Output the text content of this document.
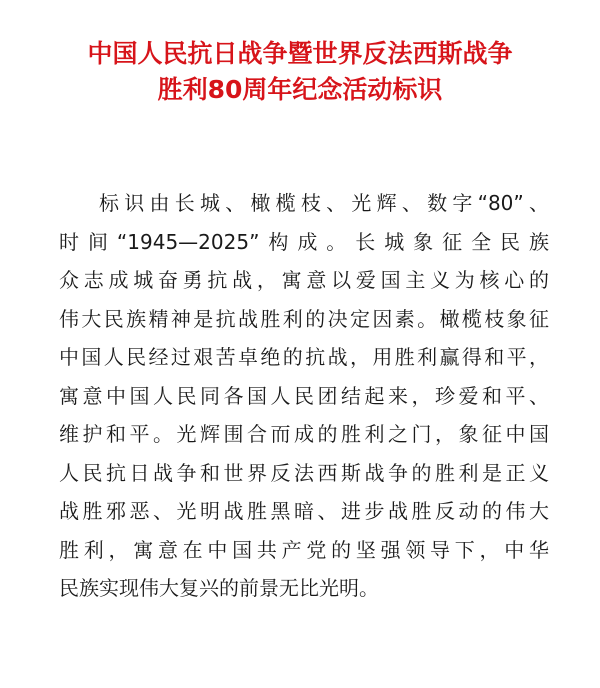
中国人民抗日战争暨世界反法西斯战争
胜利80周年纪念活动标识
标识由长城、橄榄枝、光辉、数字“80”、
时间“1945—2025”构成。长城象征全民族
众志成城奋勇抗战，寓意以爱国主义为核心的
伟大民族精神是抗战胜利的决定因素。橄榄枝象征
中国人民经过艰苦卓绝的抗战，用胜利赢得和平，
寓意中国人民同各国人民团结起来，珍爱和平、
维护和平。光辉围合而成的胜利之门，象征中国
人民抗日战争和世界反法西斯战争的胜利是正义
战胜邪恶、光明战胜黑暗、进步战胜反动的伟大
胜利，寓意在中国共产党的坚强领导下，中华
民族实现伟大复兴的前景无比光明。
